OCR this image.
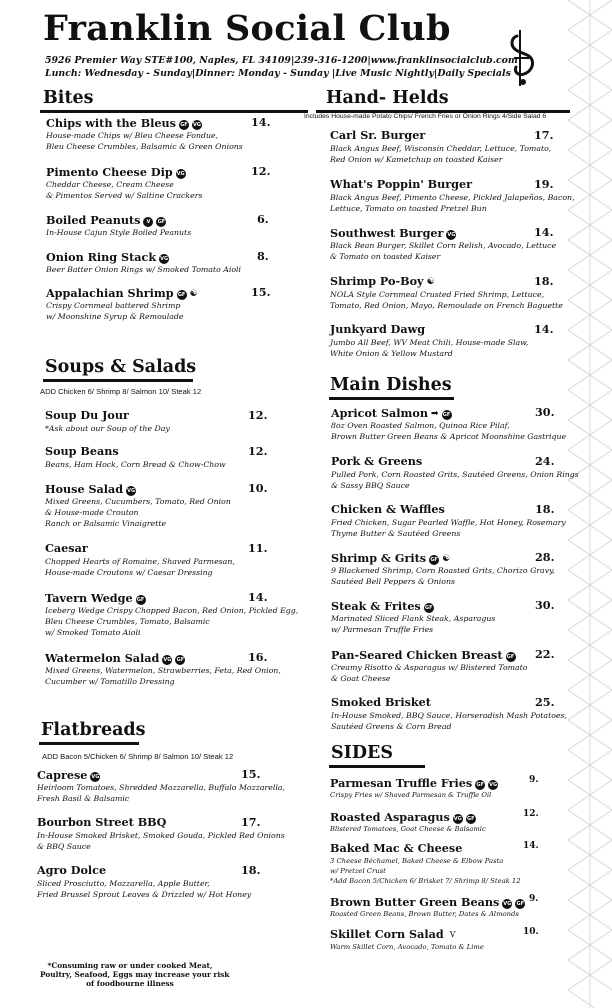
Franklin Social Club
5926 Premier Way STE#100, Naples, FL 34109|239-316-1200|www.franklinsocialclub.com
Lunch: Wednesday - Sunday|Dinner: Monday - Sunday |Live Music Nightly|Daily Specials
Bites
Chips with the Bleus GF VG	14.
House-made Chips w/ Bleu Cheese Fondue,
Bleu Cheese Crumbles, Balsamic & Green Onions
Pimento Cheese Dip VG	12.
Cheddar Cheese, Cream Cheese
& Pimentos Served w/ Saltine Crackers
Boiled Peanuts V GF	6.
In-House Cajun Style Boiled Peanuts
Onion Ring Stack VG	8.
Beer Batter Onion Rings w/ Smoked Tomato Aioli
Appalachian Shrimp GF ☯	15.
Crispy Cornmeal battered Shrimp
w/ Moonshine Syrup & Remoulade
Soups & Salads
ADD Chicken 6/ Shrimp 8/ Salmon 10/ Steak 12
Soup Du Jour	12.
*Ask about our Soup of the Day
Soup Beans	12.
Beans, Ham Hock, Corn Bread & Chow-Chow
House Salad VG	10.
Mixed Greens, Cucumbers, Tomato, Red Onion
& House-made Crouton
Ranch or Balsamic Vinaigrette
Caesar	11.
Chopped Hearts of Romaine, Shaved Parmesan,
House-made Croutons w/ Caesar Dressing
Tavern Wedge GF	14.
Iceberg Wedge Crispy Chopped Bacon, Red Onion, Pickled Egg,
Bleu Cheese Crumbles, Tomato, Balsamic
w/ Smoked Tomato Aioli
Watermelon Salad VG GF	16.
Mixed Greens, Watermelon, Strawberries, Feta, Red Onion,
Cucumber w/ Tomatillo Dressing
Flatbreads
ADD Bacon 5/Chicken 6/ Shrimp 8/ Salmon 10/ Steak 12
Caprese VG	15.
Heirloom Tomatoes, Shredded Mozzarella, Buffalo Mozzarella,
Fresh Basil & Balsamic
Bourbon Street BBQ	17.
In-House Smoked Brisket, Smoked Gouda, Pickled Red Onions
& BBQ Sauce
Agro Dolce	18.
Sliced Prosciutto, Mozzarella, Apple Butter,
Fried Brussel Sprout Leaves & Drizzled w/ Hot Honey
*Consuming raw or under cooked Meat,
Poultry, Seafood, Eggs may increase your risk
of foodbourne illness
Hand- Helds
Includes House-made Potato Chips/ French Fries or Onion Rings 4/Side Salad 6
Carl Sr. Burger	17.
Black Angus Beef, Wisconsin Cheddar, Lettuce, Tomato,
Red Onion w/ Kametchup on toasted Kaiser
What's Poppin' Burger	19.
Black Angus Beef, Pimento Cheese, Pickled Jalapeños, Bacon,
Lettuce, Tomato on toasted Pretzel Bun
Southwest Burger VG	14.
Black Bean Burger, Skillet Corn Relish, Avocado, Lettuce
& Tomato on toasted Kaiser
Shrimp Po-Boy ☯	18.
NOLA Style Cornmeal Crusted Fried Shrimp, Lettuce,
Tomato, Red Onion, Mayo, Remoulade on French Baguette
Junkyard Dawg	14.
Jumbo All Beef, WV Meat Chili, House-made Slaw,
White Onion & Yellow Mustard
Main Dishes
Apricot Salmon ➡ GF	30.
8oz Oven Roasted Salmon, Quinoa Rice Pilaf,
Brown Butter Green Beans & Apricot Moonshine Gastrique
Pork & Greens	24.
Pulled Pork, Corn Roasted Grits, Sautéed Greens, Onion Rings
& Sassy BBQ Sauce
Chicken & Waffles	18.
Fried Chicken, Sugar Pearled Waffle, Hot Honey, Rosemary
Thyme Butter & Sautéed Greens
Shrimp & Grits GF ☯	28.
9 Blackened Shrimp, Corn Roasted Grits, Chorizo Gravy,
Sautéed Bell Peppers & Onions
Steak & Frites GF	30.
Marinated Sliced Flank Steak, Asparagus
w/ Parmesan Truffle Fries
Pan-Seared Chicken Breast GF 22.
Creamy Risotto & Asparagus w/ Blistered Tomato
& Goat Cheese
Smoked Brisket	25.
In-House Smoked, BBQ Sauce, Horseradish Mash Potatoes,
Sautéed Greens & Corn Bread
SIDES
Parmesan Truffle Fries GF VG	9.
Crispy Fries w/ Shaved Parmesan & Truffle Oil
Roasted Asparagus VG GF	12.
Blistered Tomatoes, Goat Cheese & Balsamic
Baked Mac & Cheese	14.
3 Cheese Béchamel, Baked Cheese & Elbow Pasta
w/ Pretzel Crust
*Add Bacon 5/Chicken 6/ Brisket 7/ Shrimp 8/ Steak 12
Brown Butter Green Beans VG GF 9.
Roasted Green Beans, Brown Butter, Dates & Almonds
Skillet Corn Salad V	10.
Warm Skillet Corn, Avocado, Tomato & Lime
